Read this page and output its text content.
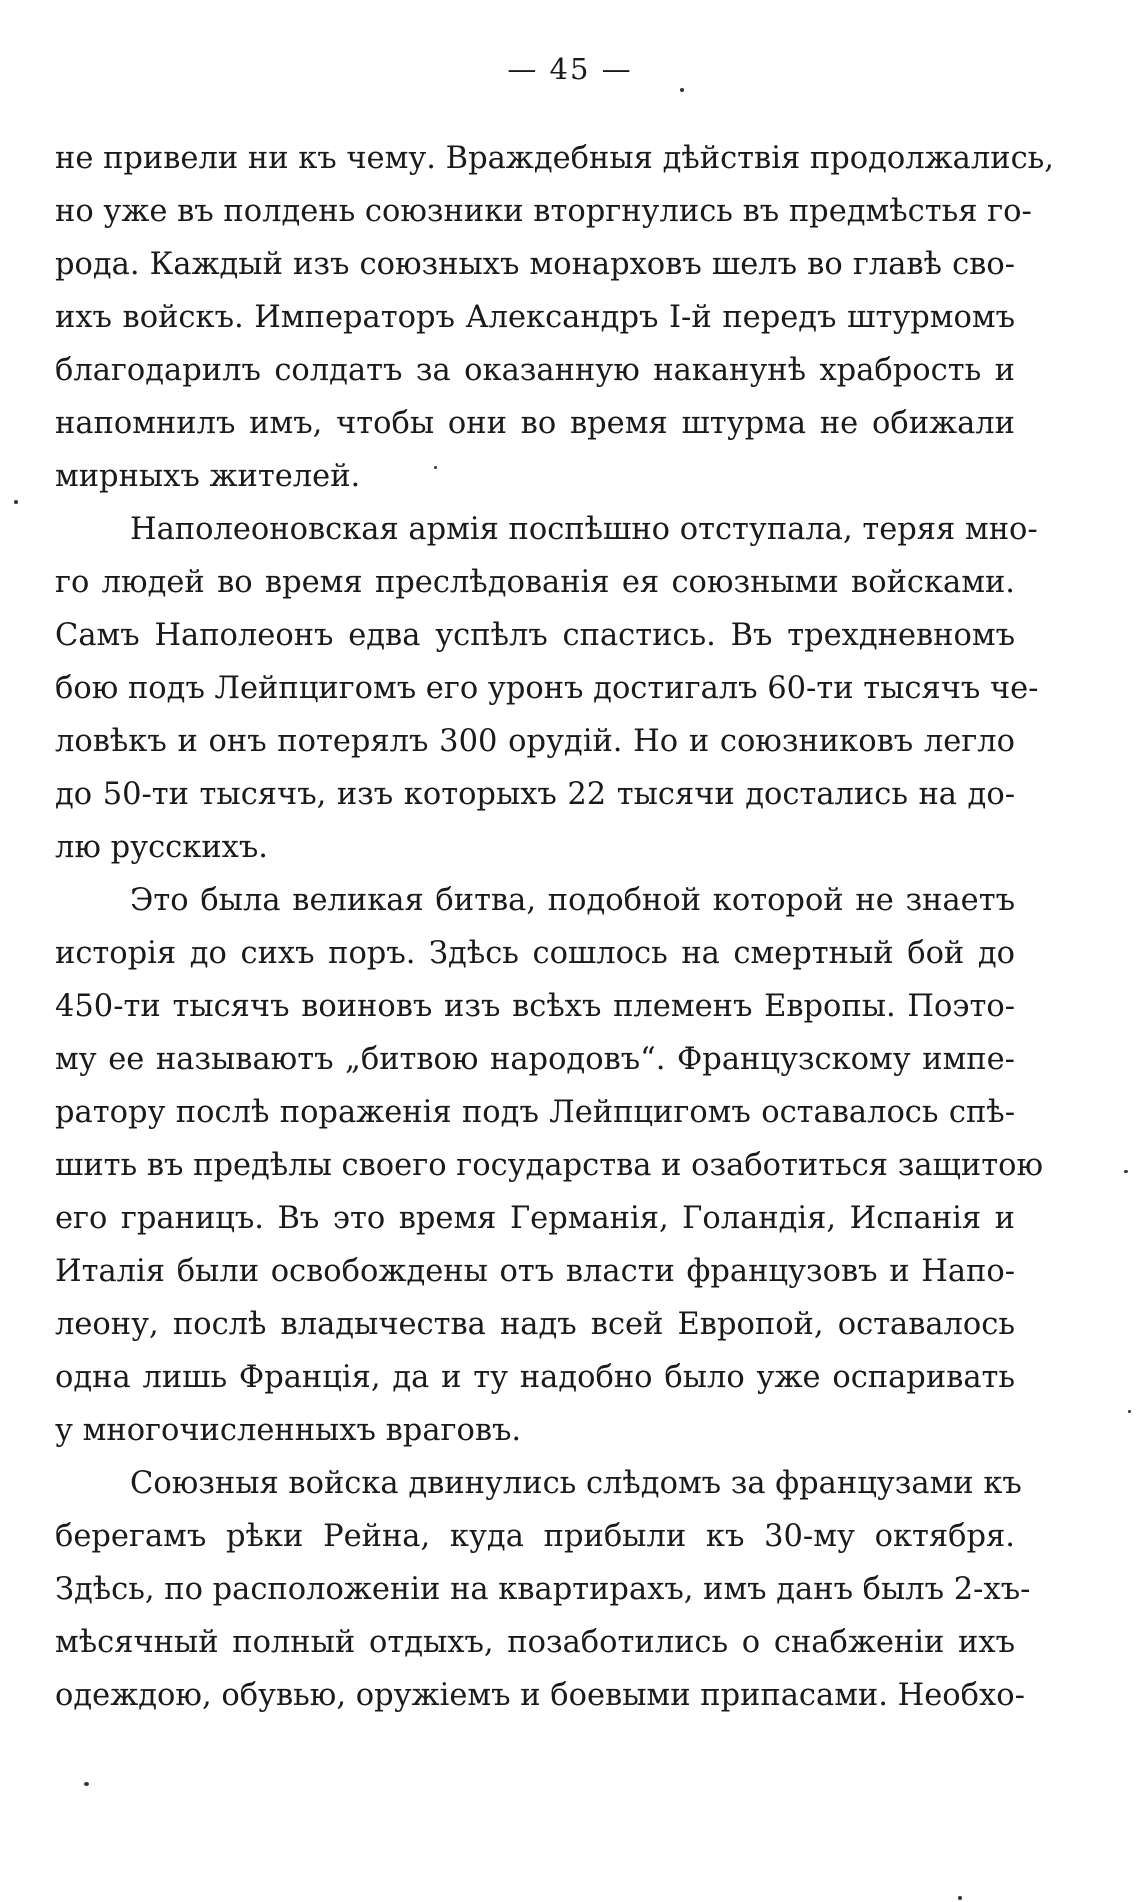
— 45 —
не привели ни къ чему. Враждебныя дѣйствія продолжались,
но уже въ полдень союзники вторгнулись въ предмѣстья го-
рода. Каждый изъ союзныхъ монарховъ шелъ во главѣ сво-
ихъ войскъ. Императоръ Александръ I-й передъ штурмомъ
благодарилъ солдатъ за оказанную наканунѣ храбрость и
напомнилъ имъ, чтобы они во время штурма не обижали
мирныхъ жителей.
Наполеоновская армія поспѣшно отступала, теряя мно-
го людей во время преслѣдованія ея союзными войсками.
Самъ Наполеонъ едва успѣлъ спастись. Въ трехдневномъ
бою подъ Лейпцигомъ его уронъ достигалъ 60-ти тысячъ че-
ловѣкъ и онъ потерялъ 300 орудій. Но и союзниковъ легло
до 50-ти тысячъ, изъ которыхъ 22 тысячи достались на до-
лю русскихъ.
Это была великая битва, подобной которой не знаетъ
исторія до сихъ поръ. Здѣсь сошлось на смертный бой до
450-ти тысячъ воиновъ изъ всѣхъ племенъ Европы. Поэто-
му ее называютъ „битвою народовъ“. Французскому импе-
ратору послѣ пораженія подъ Лейпцигомъ оставалось спѣ-
шить въ предѣлы своего государства и озаботиться защитою
его границъ. Въ это время Германія, Голандія, Испанія и
Италія были освобождены отъ власти французовъ и Напо-
леону, послѣ владычества надъ всей Европой, оставалось
одна лишь Франція, да и ту надобно было уже оспаривать
у многочисленныхъ враговъ.
Союзныя войска двинулись слѣдомъ за французами къ
берегамъ рѣки Рейна, куда прибыли къ 30-му октября.
Здѣсь, по расположеніи на квартирахъ, имъ данъ былъ 2-хъ-
мѣсячный полный отдыхъ, позаботились о снабженіи ихъ
одеждою, обувью, оружіемъ и боевыми припасами. Необхо-
